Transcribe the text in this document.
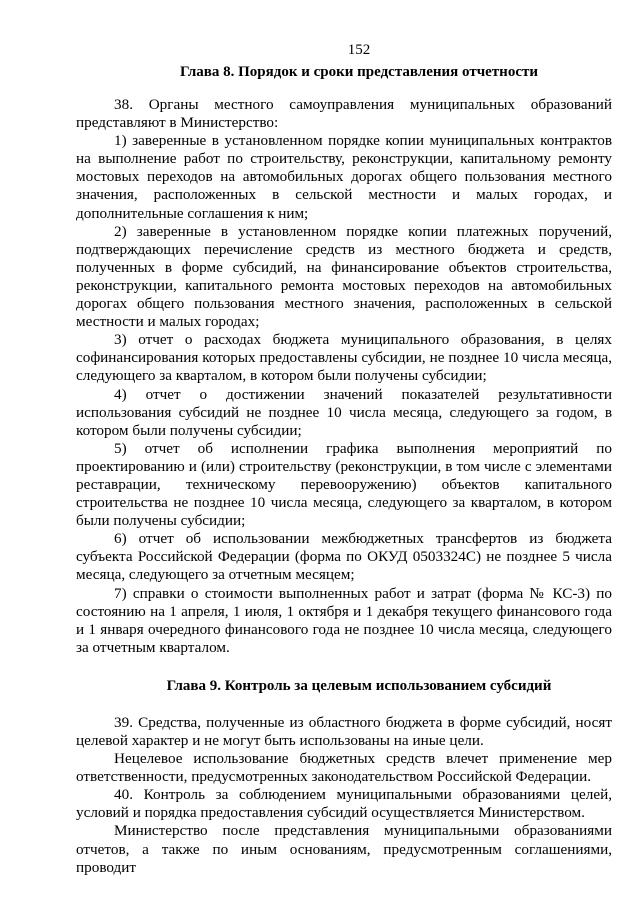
152
Глава 8. Порядок и сроки представления отчетности

38. Органы местного самоуправления муниципальных образований представляют в Министерство:

1) заверенные в установленном порядке копии муниципальных контрактов на выполнение работ по строительству, реконструкции, капитальному ремонту мостовых переходов на автомобильных дорогах общего пользования местного значения, расположенных в сельской местности и малых городах, и дополнительные соглашения к ним;

2) заверенные в установленном порядке копии платежных поручений, подтверждающих перечисление средств из местного бюджета и средств, полученных в форме субсидий, на финансирование объектов строительства, реконструкции, капитального ремонта мостовых переходов на автомобильных дорогах общего пользования местного значения, расположенных в сельской местности и малых городах;

3) отчет о расходах бюджета муниципального образования, в целях софинансирования которых предоставлены субсидии, не позднее 10 числа месяца, следующего за кварталом, в котором были получены субсидии;

4) отчет о достижении значений показателей результативности использования субсидий не позднее 10 числа месяца, следующего за годом, в котором были получены субсидии;

5) отчет об исполнении графика выполнения мероприятий по проектированию и (или) строительству (реконструкции, в том числе с элементами реставрации, техническому перевооружению) объектов капитального строительства не позднее 10 числа месяца, следующего за кварталом, в котором были получены субсидии;

6) отчет об использовании межбюджетных трансфертов из бюджета субъекта Российской Федерации (форма по ОКУД 0503324С) не позднее 5 числа месяца, следующего за отчетным месяцем;

7) справки о стоимости выполненных работ и затрат (форма № КС-3) по состоянию на 1 апреля, 1 июля, 1 октября и 1 декабря текущего финансового года и 1 января очередного финансового года не позднее 10 числа месяца, следующего за отчетным кварталом.

Глава 9. Контроль за целевым использованием субсидий

39. Средства, полученные из областного бюджета в форме субсидий, носят целевой характер и не могут быть использованы на иные цели.

Нецелевое использование бюджетных средств влечет применение мер ответственности, предусмотренных законодательством Российской Федерации.

40. Контроль за соблюдением муниципальными образованиями целей, условий и порядка предоставления субсидий осуществляется Министерством.

Министерство после представления муниципальными образованиями отчетов, а также по иным основаниям, предусмотренным соглашениями, проводит
